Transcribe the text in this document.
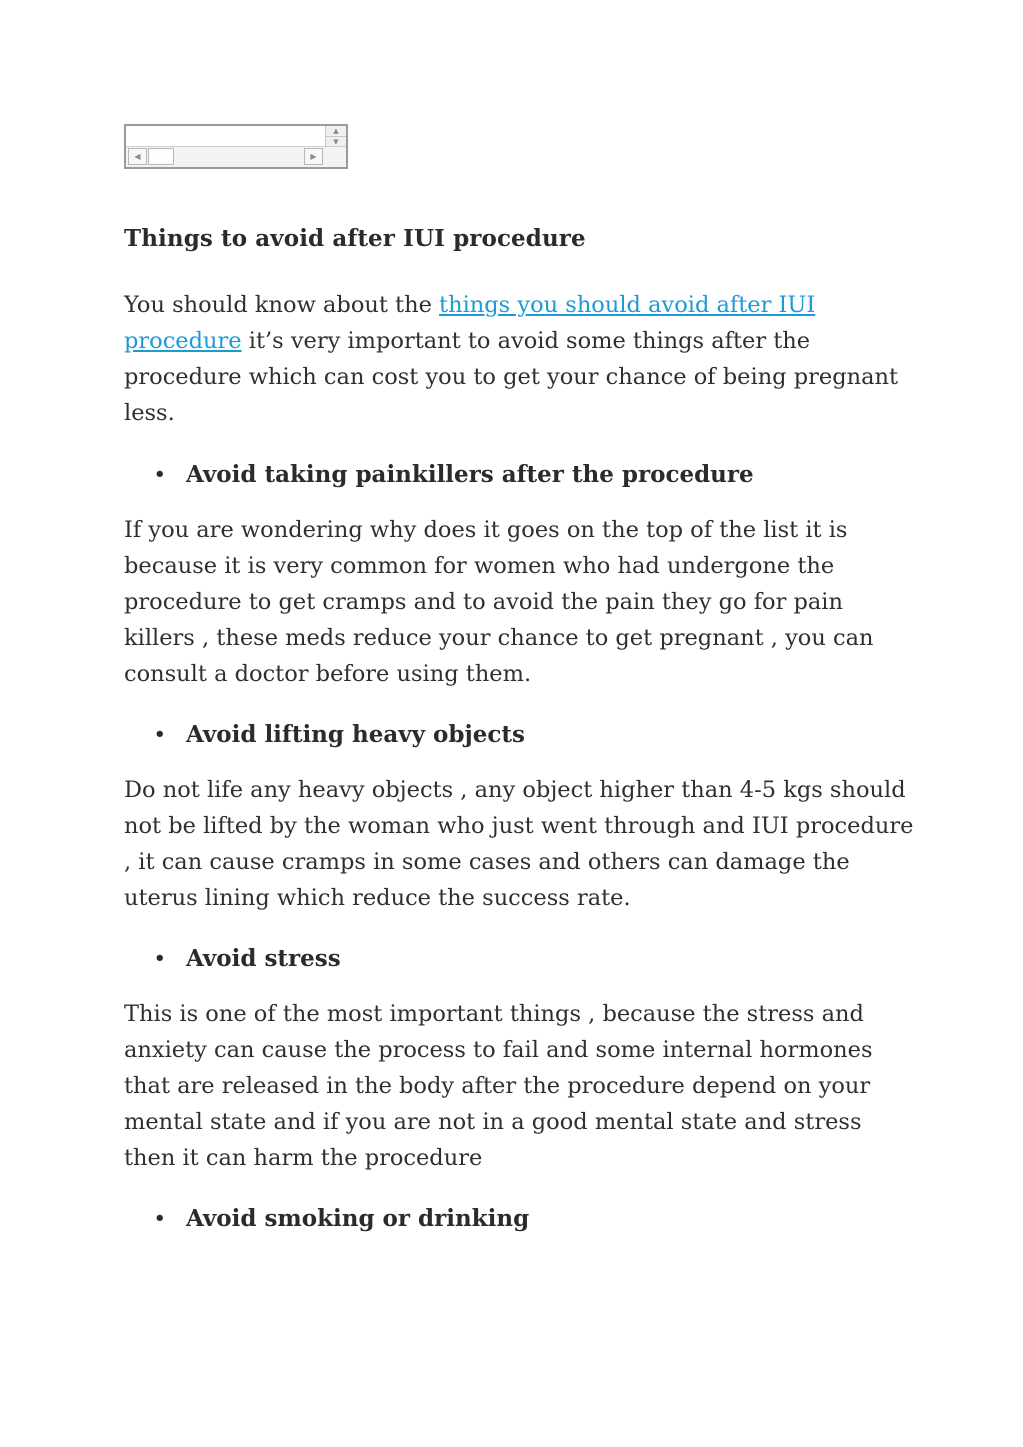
▲
▼
◀	▶
Things to avoid after IUI procedure

You should know about the things you should avoid after IUI procedure it’s very important to avoid some things after the procedure which can cost you to get your chance of being pregnant less.

• Avoid taking painkillers after the procedure

If you are wondering why does it goes on the top of the list it is because it is very common for women who had undergone the procedure to get cramps and to avoid the pain they go for pain killers , these meds reduce your chance to get pregnant , you can consult a doctor before using them.

• Avoid lifting heavy objects

Do not life any heavy objects , any object higher than 4-5 kgs should not be lifted by the woman who just went through and IUI procedure , it can cause cramps in some cases and others can damage the uterus lining which reduce the success rate.

• Avoid stress

This is one of the most important things , because the stress and anxiety can cause the process to fail and some internal hormones that are released in the body after the procedure depend on your mental state and if you are not in a good mental state and stress then it can harm the procedure

• Avoid smoking or drinking
